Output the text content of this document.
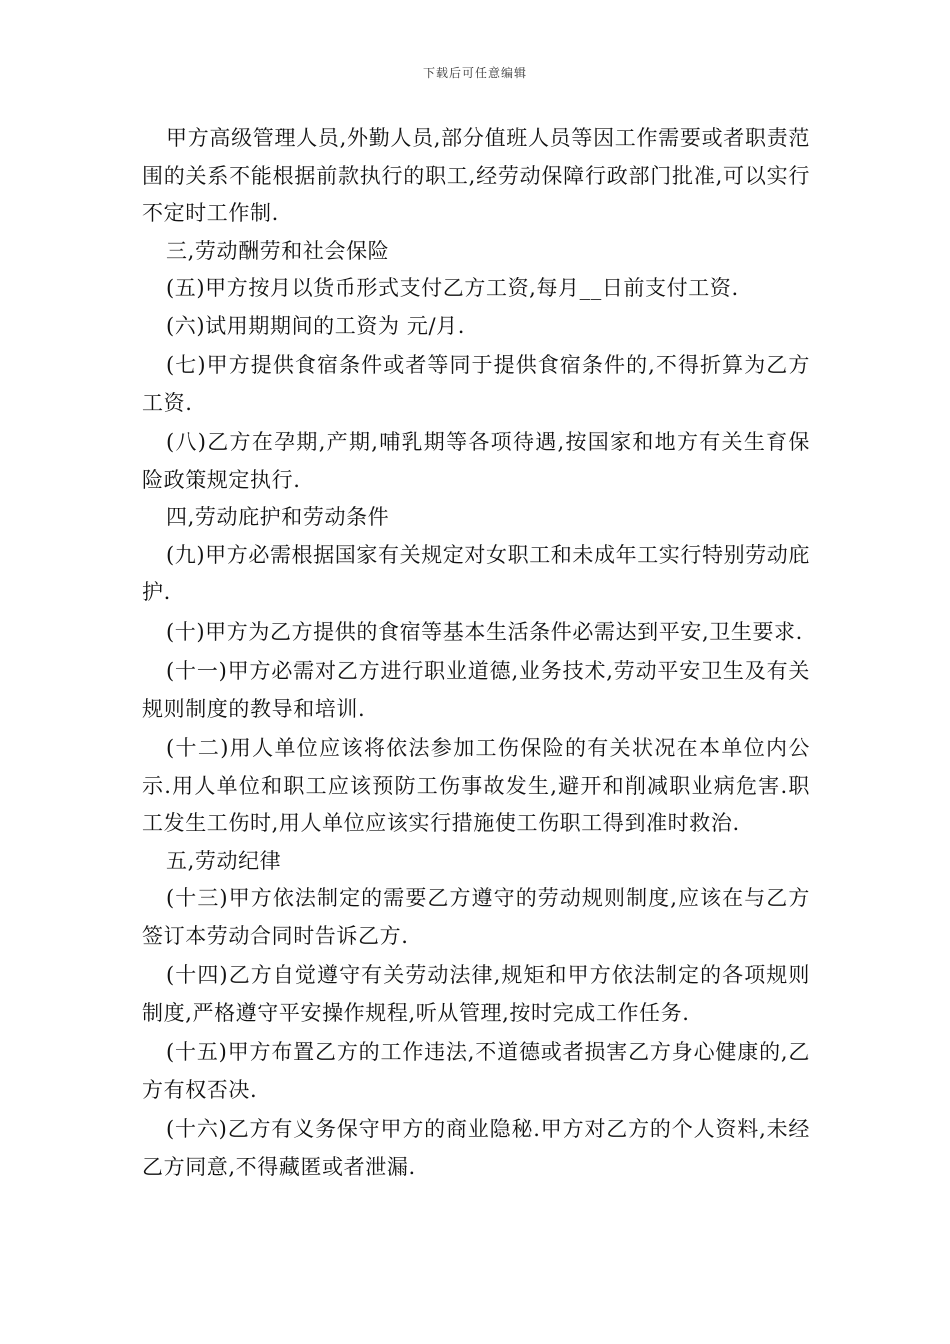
下载后可任意编辑

甲方高级管理人员,外勤人员,部分值班人员等因工作需要或者职责范围的关系不能根据前款执行的职工,经劳动保障行政部门批准,可以实行不定时工作制.

三,劳动酬劳和社会保险

(五)甲方按月以货币形式支付乙方工资,每月__日前支付工资.

(六)试用期期间的工资为 元/月.

(七)甲方提供食宿条件或者等同于提供食宿条件的,不得折算为乙方工资.

(八)乙方在孕期,产期,哺乳期等各项待遇,按国家和地方有关生育保险政策规定执行.

四,劳动庇护和劳动条件

(九)甲方必需根据国家有关规定对女职工和未成年工实行特别劳动庇护.

(十)甲方为乙方提供的食宿等基本生活条件必需达到平安,卫生要求.

(十一)甲方必需对乙方进行职业道德,业务技术,劳动平安卫生及有关规则制度的教导和培训.

(十二)用人单位应该将依法参加工伤保险的有关状况在本单位内公示.用人单位和职工应该预防工伤事故发生,避开和削减职业病危害.职工发生工伤时,用人单位应该实行措施使工伤职工得到准时救治.

五,劳动纪律

(十三)甲方依法制定的需要乙方遵守的劳动规则制度,应该在与乙方签订本劳动合同时告诉乙方.

(十四)乙方自觉遵守有关劳动法律,规矩和甲方依法制定的各项规则制度,严格遵守平安操作规程,听从管理,按时完成工作任务.

(十五)甲方布置乙方的工作违法,不道德或者损害乙方身心健康的,乙方有权否决.

(十六)乙方有义务保守甲方的商业隐秘.甲方对乙方的个人资料,未经乙方同意,不得藏匿或者泄漏.
